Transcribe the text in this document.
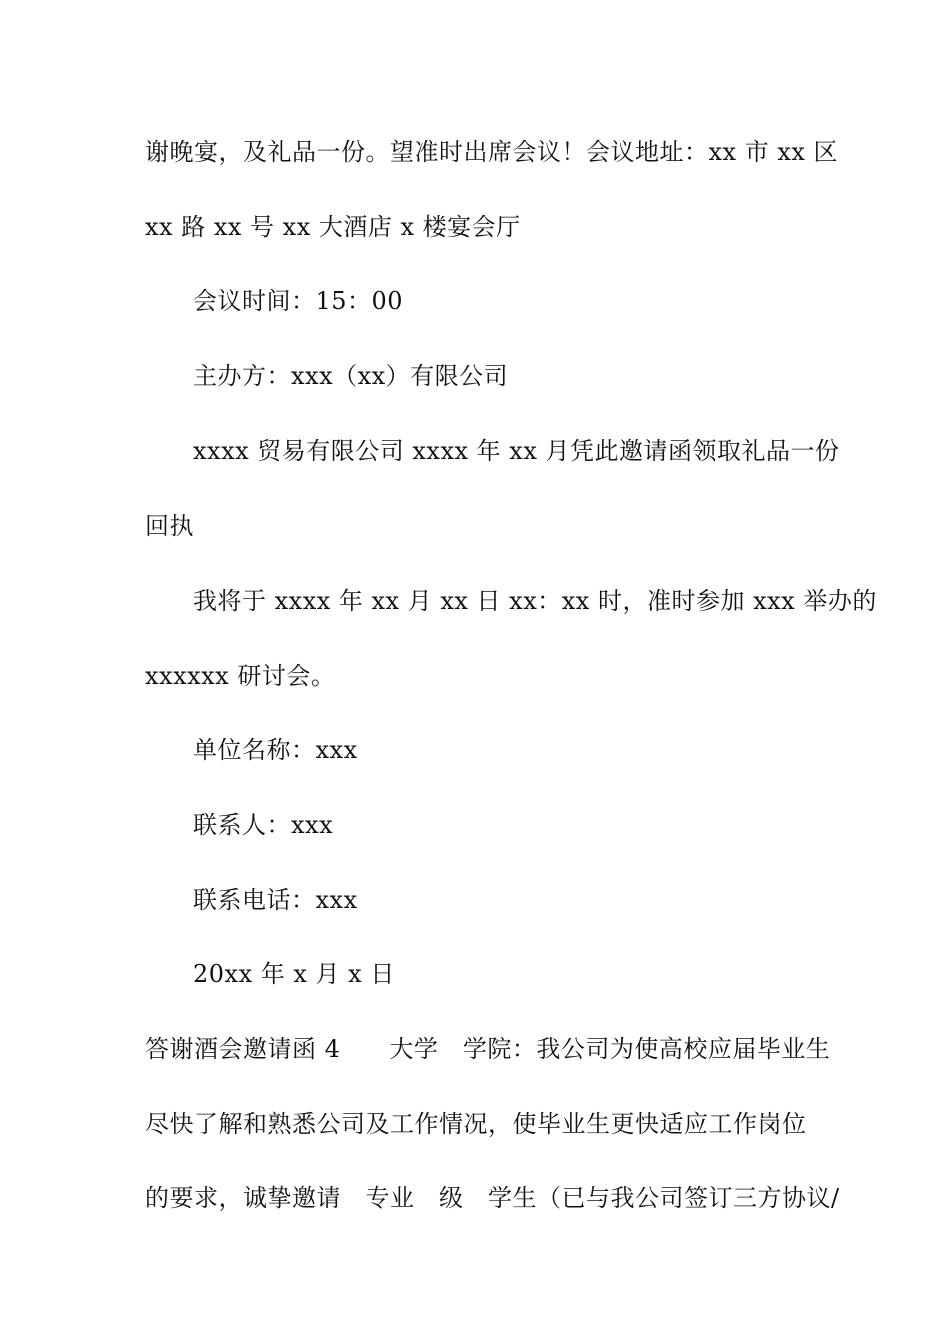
谢晚宴，及礼品一份。望准时出席会议！会议地址：xx 市 xx 区
xx 路 xx 号 xx 大酒店 x 楼宴会厅
会议时间：15：00
主办方：xxx（xx）有限公司
xxxx 贸易有限公司 xxxx 年 xx 月凭此邀请函领取礼品一份
回执
我将于 xxxx 年 xx 月 xx 日 xx：xx 时，准时参加 xxx 举办的
xxxxxx 研讨会。
单位名称：xxx
联系人：xxx
联系电话：xxx
20xx 年 x 月 x 日
答谢酒会邀请函 4　　大学　学院：我公司为使高校应届毕业生
尽快了解和熟悉公司及工作情况，使毕业生更快适应工作岗位
的要求，诚挚邀请　专业　级　学生（已与我公司签订三方协议/
